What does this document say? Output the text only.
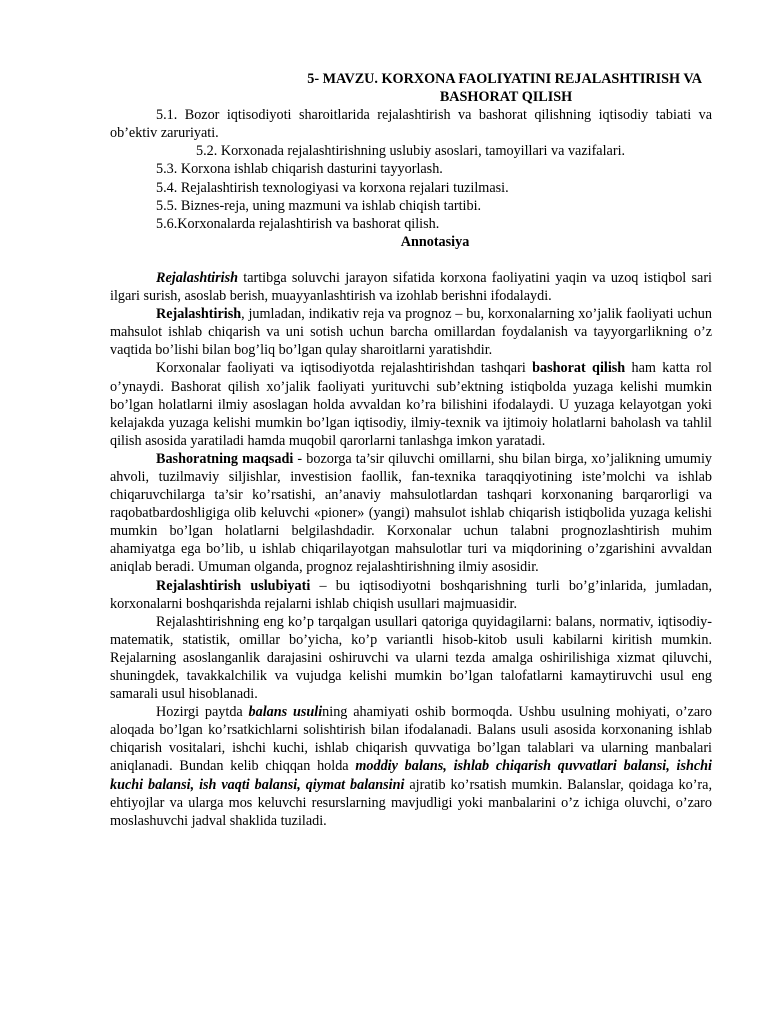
5- MAVZU. KORXONA FAOLIYATINI REJALASHTIRISH VA
BASHORAT QILISH

5.1. Bozor iqtisodiyoti sharoitlarida rejalashtirish va bashorat qilishning iqtisodiy tabiati va ob’ektiv zaruriyati.

5.2. Korxonada rejalashtirishning uslubiy asoslari, tamoyillari va vazifalari.

5.3. Korxona ishlab chiqarish dasturini tayyorlash.

5.4. Rejalashtirish texnologiyasi va korxona rejalari tuzilmasi.

5.5. Biznes-reja, uning mazmuni va ishlab chiqish tartibi.

5.6.Korxonalarda rejalashtirish va bashorat qilish.

Annotasiya

Rejalashtirish tartibga soluvchi jarayon sifatida korxona faoliyatini yaqin va uzoq istiqbol sari ilgari surish, asoslab berish, muayyanlashtirish va izohlab berishni ifodalaydi.

Rejalashtirish, jumladan, indikativ reja va prognoz – bu, korxonalarning xo’jalik faoliyati uchun mahsulot ishlab chiqarish va uni sotish uchun barcha omillardan foydalanish va tayyorgarlikning o’z vaqtida bo’lishi bilan bog’liq bo’lgan qulay sharoitlarni yaratishdir.

Korxonalar faoliyati va iqtisodiyotda rejalashtirishdan tashqari bashorat qilish ham katta rol o’ynaydi. Bashorat qilish xo’jalik faoliyati yurituvchi sub’ektning istiqbolda yuzaga kelishi mumkin bo’lgan holatlarni ilmiy asoslagan holda avvaldan ko’ra bilishini ifodalaydi. U yuzaga kelayotgan yoki kelajakda yuzaga kelishi mumkin bo’lgan iqtisodiy, ilmiy-texnik va ijtimoiy holatlarni baholash va tahlil qilish asosida yaratiladi hamda muqobil qarorlarni tanlashga imkon yaratadi.

Bashoratning maqsadi - bozorga ta’sir qiluvchi omillarni, shu bilan birga, xo’jalikning umumiy ahvoli, tuzilmaviy siljishlar, investision faollik, fan-texnika taraqqiyotining iste’molchi va ishlab chiqaruvchilarga ta’sir ko’rsatishi, an’anaviy mahsulotlardan tashqari korxonaning barqarorligi va raqobatbardoshligiga olib keluvchi «pioner» (yangi) mahsulot ishlab chiqarish istiqbolida yuzaga kelishi mumkin bo’lgan holatlarni belgilashdadir. Korxonalar uchun talabni prognozlashtirish muhim ahamiyatga ega bo’lib, u ishlab chiqarilayotgan mahsulotlar turi va miqdorining o’zgarishini avvaldan aniqlab beradi. Umuman olganda, prognoz rejalashtirishning ilmiy asosidir.

Rejalashtirish uslubiyati – bu iqtisodiyotni boshqarishning turli bo’g’inlarida, jumladan, korxonalarni boshqarishda rejalarni ishlab chiqish usullari majmuasidir.

Rejalashtirishning eng ko’p tarqalgan usullari qatoriga quyidagilarni: balans, normativ, iqtisodiy-matematik, statistik, omillar bo’yicha, ko’p variantli hisob-kitob usuli kabilarni kiritish mumkin. Rejalarning asoslanganlik darajasini oshiruvchi va ularni tezda amalga oshirilishiga xizmat qiluvchi, shuningdek, tavakkalchilik va vujudga kelishi mumkin bo’lgan talofatlarni kamaytiruvchi usul eng samarali usul hisoblanadi.

Hozirgi paytda balans usulining ahamiyati oshib bormoqda. Ushbu usulning mohiyati, o’zaro aloqada bo’lgan ko’rsatkichlarni solishtirish bilan ifodalanadi. Balans usuli asosida korxonaning ishlab chiqarish vositalari, ishchi kuchi, ishlab chiqarish quvvatiga bo’lgan talablari va ularning manbalari aniqlanadi. Bundan kelib chiqqan holda moddiy balans, ishlab chiqarish quvvatlari balansi, ishchi kuchi balansi, ish vaqti balansi, qiymat balansini ajratib ko’rsatish mumkin. Balanslar, qoidaga ko’ra, ehtiyojlar va ularga mos keluvchi resurslarning mavjudligi yoki manbalarini o’z ichiga oluvchi, o’zaro moslashuvchi jadval shaklida tuziladi.
